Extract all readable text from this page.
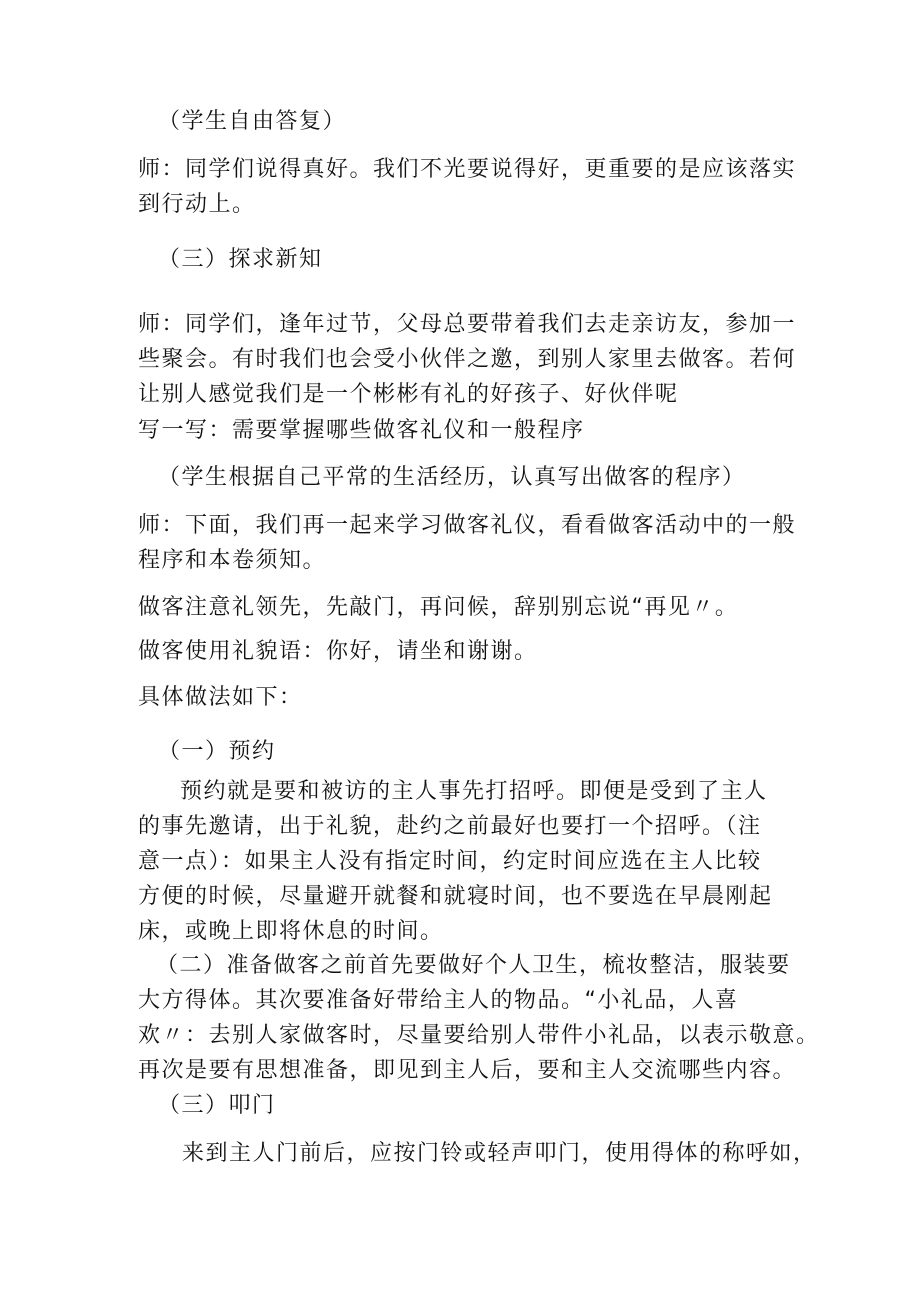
（学生自由答复）
师：同学们说得真好。我们不光要说得好，更重要的是应该落实
到行动上。
（三）探求新知
师：同学们，逢年过节，父母总要带着我们去走亲访友，参加一
些聚会。有时我们也会受小伙伴之邀，到别人家里去做客。若何
让别人感觉我们是一个彬彬有礼的好孩子、好伙伴呢
写一写：需要掌握哪些做客礼仪和一般程序
（学生根据自己平常的生活经历，认真写出做客的程序）
师：下面，我们再一起来学习做客礼仪，看看做客活动中的一般
程序和本卷须知。
做客注意礼领先，先敲门，再问候，辞别别忘说“再见〃。
做客使用礼貌语：你好，请坐和谢谢。
具体做法如下：
（一）预约
预约就是要和被访的主人事先打招呼。即便是受到了主人
的事先邀请，出于礼貌，赴约之前最好也要打一个招呼。（注
意一点）：如果主人没有指定时间，约定时间应选在主人比较
方便的时候，尽量避开就餐和就寝时间，也不要选在早晨刚起
床，或晚上即将休息的时间。
（二）准备做客之前首先要做好个人卫生，梳妆整洁，服装要
大方得体。其次要准备好带给主人的物品。“小礼品，人喜
欢〃：去别人家做客时，尽量要给别人带件小礼品，以表示敬意。
再次是要有思想准备，即见到主人后，要和主人交流哪些内容。
（三）叩门
来到主人门前后，应按门铃或轻声叩门，使用得体的称呼如，
